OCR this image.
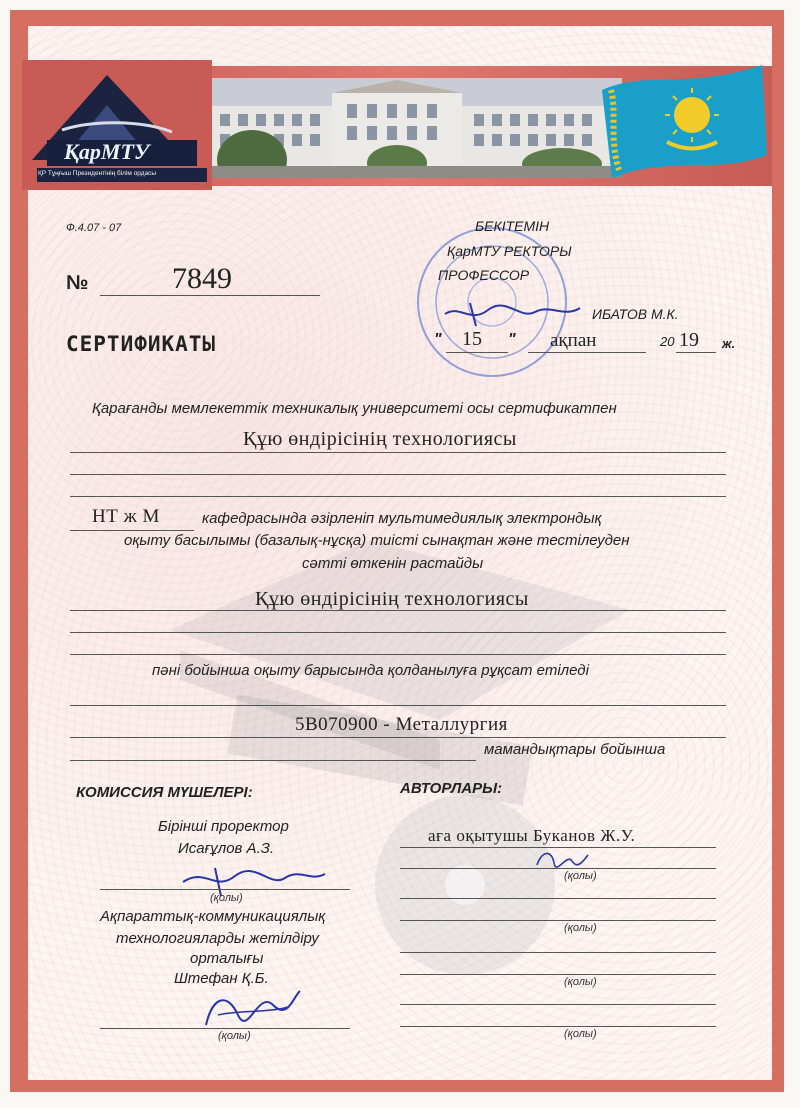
ҚарМТУ
ҚР Тұңғыш Президентінің білім ордасы
Ф.4.07 - 07	БЕКІТЕМІН
ҚарМТУ РЕКТОРЫ
ПРОФЕССОР
ИБАТОВ М.К.
" 15 " ақпан	20 19 ж.
№	7849
СЕРТИФИКАТЫ
Қарағанды мемлекеттік техникалық университеті осы сертификатпен
Құю өндірісінің технологиясы
НТ ж М	кафедрасында әзірленіп мультимедиялық электрондық
оқыту басылымы (базалық-нұсқа) тиісті сынақтан және тестілеуден
сәтті өткенін растайды
Құю өндірісінің технологиясы
пәні бойынша оқыту барысында қолданылуға рұқсат етіледі
5В070900 - Металлургия
мамандықтары бойынша
КОМИССИЯ МҮШЕЛЕРІ:
Бірінші проректор
Исағұлов А.З.
(қолы)
Ақпараттық-коммуникациялық
технологияларды жетілдіру
орталығы
Штефан Қ.Б.
(қолы)
АВТОРЛАРЫ:
аға оқытушы Буканов Ж.У.
(қолы)
(қолы)
(қолы)
(қолы)
